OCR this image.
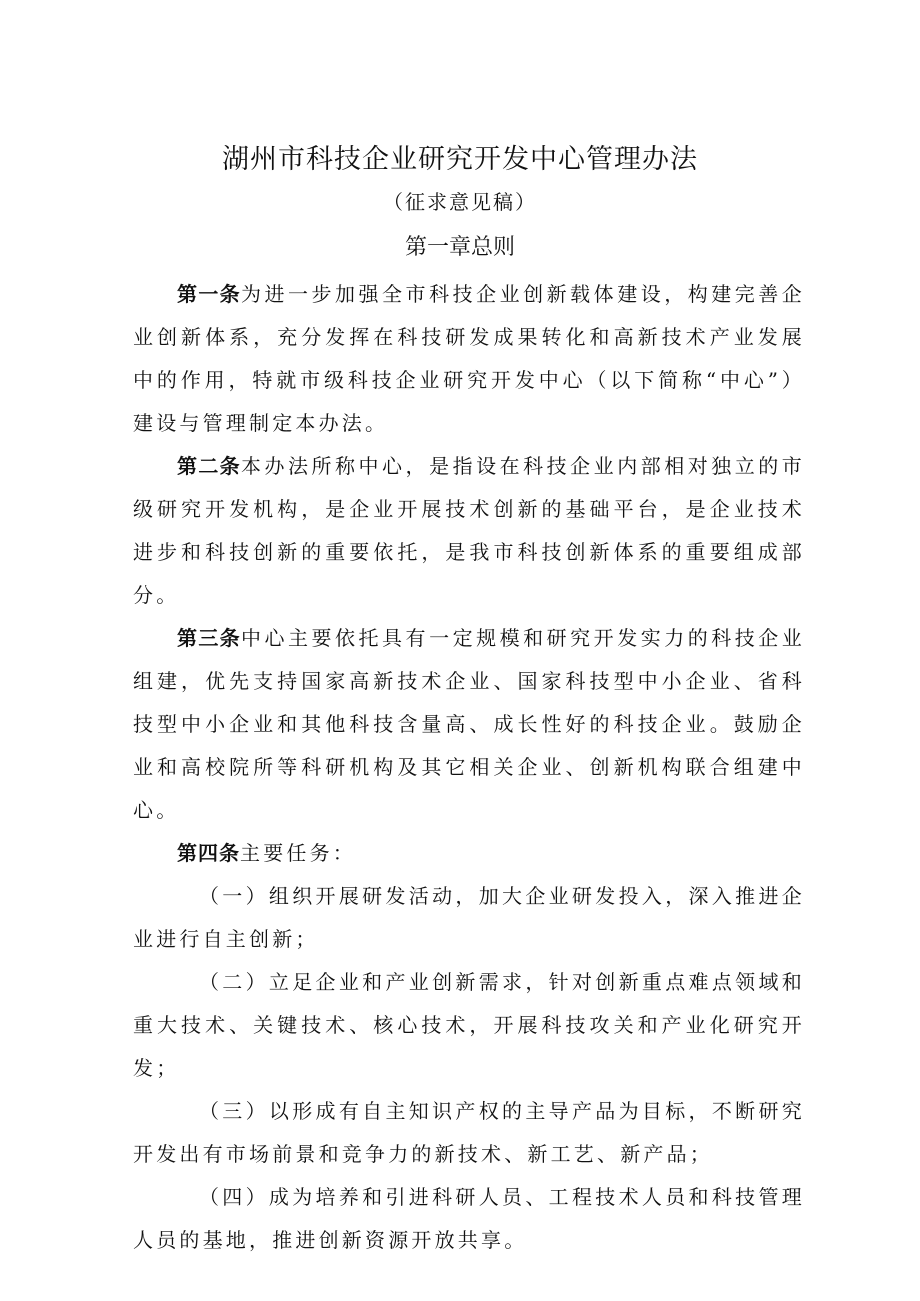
湖州市科技企业研究开发中心管理办法
（征求意见稿）
第一章总则

第一条为进一步加强全市科技企业创新载体建设，构建完善企业创新体系，充分发挥在科技研发成果转化和高新技术产业发展中的作用，特就市级科技企业研究开发中心（以下简称“中心”）建设与管理制定本办法。

第二条本办法所称中心，是指设在科技企业内部相对独立的市级研究开发机构，是企业开展技术创新的基础平台，是企业技术进步和科技创新的重要依托，是我市科技创新体系的重要组成部分。

第三条中心主要依托具有一定规模和研究开发实力的科技企业组建，优先支持国家高新技术企业、国家科技型中小企业、省科技型中小企业和其他科技含量高、成长性好的科技企业。鼓励企业和高校院所等科研机构及其它相关企业、创新机构联合组建中心。

第四条主要任务：

（一）组织开展研发活动，加大企业研发投入，深入推进企业进行自主创新；

（二）立足企业和产业创新需求，针对创新重点难点领域和重大技术、关键技术、核心技术，开展科技攻关和产业化研究开发；

（三）以形成有自主知识产权的主导产品为目标，不断研究开发出有市场前景和竞争力的新技术、新工艺、新产品；

（四）成为培养和引进科研人员、工程技术人员和科技管理人员的基地，推进创新资源开放共享。
